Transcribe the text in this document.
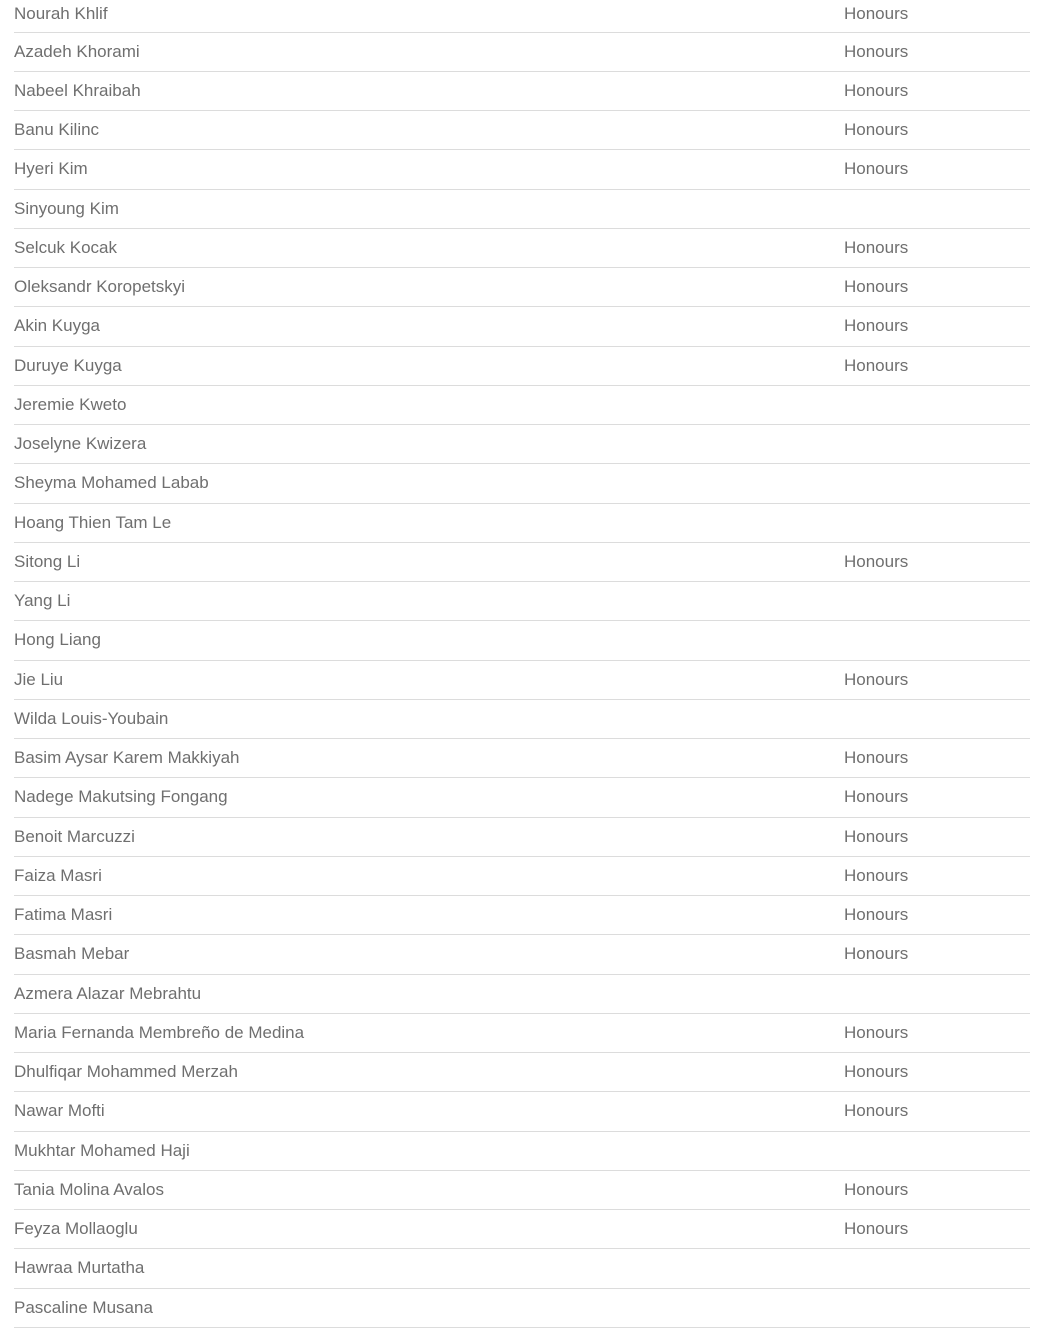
Nourah Khlif	Honours
Azadeh Khorami	Honours
Nabeel Khraibah	Honours
Banu Kilinc	Honours
Hyeri Kim	Honours
Sinyoung Kim	
Selcuk Kocak	Honours
Oleksandr Koropetskyi	Honours
Akin Kuyga	Honours
Duruye Kuyga	Honours
Jeremie Kweto	
Joselyne Kwizera	
Sheyma Mohamed Labab	
Hoang Thien Tam Le	
Sitong Li	Honours
Yang Li	
Hong Liang	
Jie Liu	Honours
Wilda Louis-Youbain	
Basim Aysar Karem Makkiyah	Honours
Nadege Makutsing Fongang	Honours
Benoit Marcuzzi	Honours
Faiza Masri	Honours
Fatima Masri	Honours
Basmah Mebar	Honours
Azmera Alazar Mebrahtu	
Maria Fernanda Membreño de Medina	Honours
Dhulfiqar Mohammed Merzah	Honours
Nawar Mofti	Honours
Mukhtar Mohamed Haji	
Tania Molina Avalos	Honours
Feyza Mollaoglu	Honours
Hawraa Murtatha	
Pascaline Musana	
